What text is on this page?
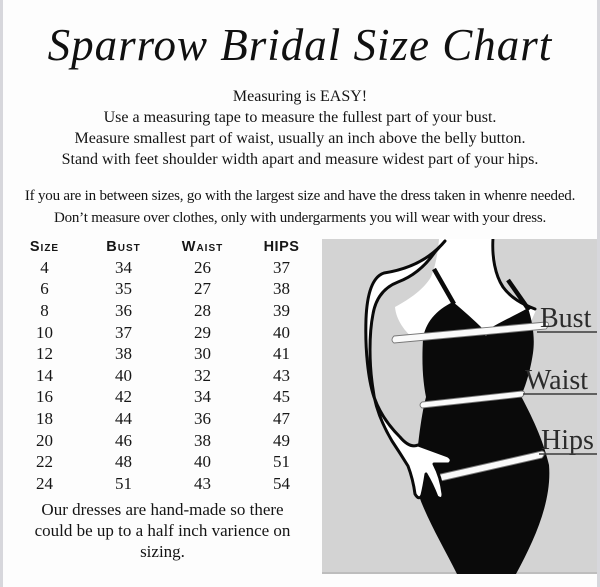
Sparrow Bridal Size Chart
Measuring is EASY!
Use a measuring tape to measure the fullest part of your bust.
Measure smallest part of waist, usually an inch above the belly button.
Stand with feet shoulder width apart and measure widest part of your hips.
If you are in between sizes, go with the largest size and have the dress taken in whenre needed.
Don’t measure over clothes, only with undergarments you will wear with your dress.
Size	Bust	Waist	HIPS
4	34	26	37
6	35	27	38
8	36	28	39
10	37	29	40
12	38	30	41
14	40	32	43
16	42	34	45
18	44	36	47
20	46	38	49
22	48	40	51
24	51	43	54
Our dresses are hand-made so there could be up to a half inch varience on sizing.
Bust
Waist
Hips
